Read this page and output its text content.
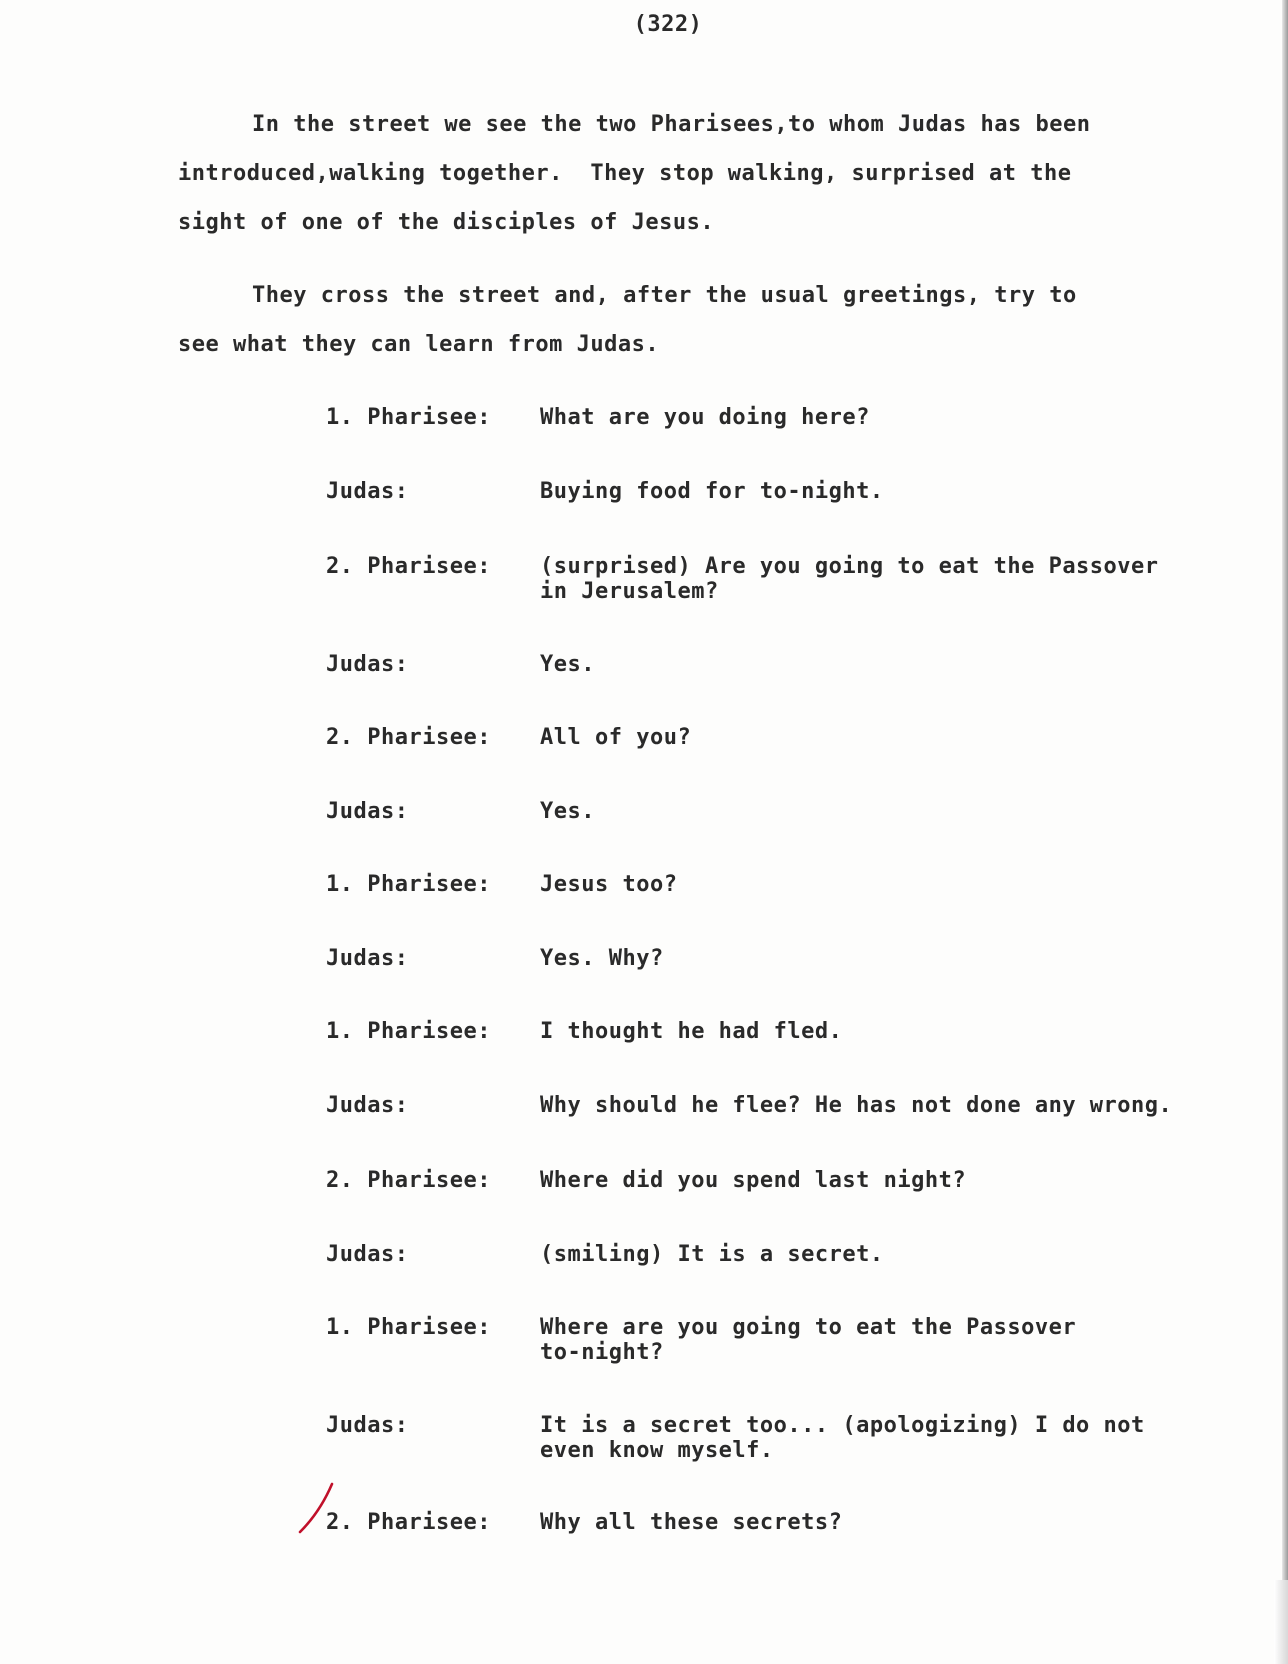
(322)
In the street we see the two Pharisees,to whom Judas has been
introduced,walking together.  They stop walking, surprised at the
sight of one of the disciples of Jesus.
They cross the street and, after the usual greetings, try to
see what they can learn from Judas.
1. Pharisee: What are you doing here?
Judas:	Buying food for to-night.
2. Pharisee: (surprised) Are you going to eat the Passover
in Jerusalem?
Judas:	Yes.
2. Pharisee: All of you?
Judas:	Yes.
1. Pharisee: Jesus too?
Judas:	Yes. Why?
1. Pharisee: I thought he had fled.
Judas:	Why should he flee? He has not done any wrong.
2. Pharisee: Where did you spend last night?
Judas:	(smiling) It is a secret.
1. Pharisee: Where are you going to eat the Passover
to-night?
Judas:	It is a secret too... (apologizing) I do not
even know myself.
2. Pharisee: Why all these secrets?
